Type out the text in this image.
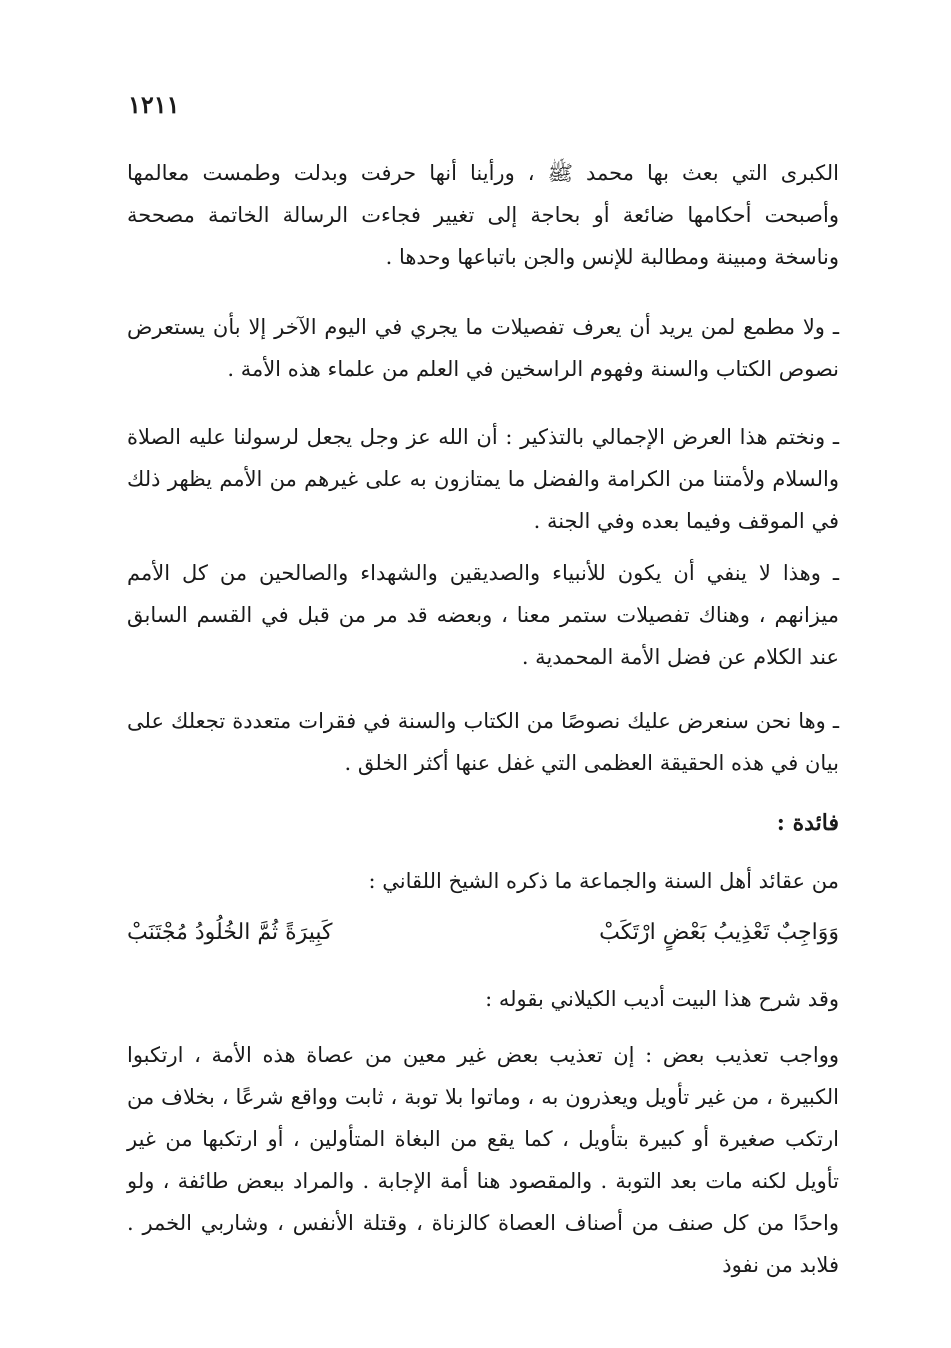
١٢١١

الكبرى التي بعث بها محمد ﷺ ، ورأينا أنها حرفت وبدلت وطمست معالمها وأصبحت أحكامها ضائعة أو بحاجة إلى تغيير فجاءت الرسالة الخاتمة مصححة وناسخة ومبينة ومطالبة للإنس والجن باتباعها وحدها .

ـ ولا مطمع لمن يريد أن يعرف تفصيلات ما يجري في اليوم الآخر إلا بأن يستعرض نصوص الكتاب والسنة وفهوم الراسخين في العلم من علماء هذه الأمة .

ـ ونختم هذا العرض الإجمالي بالتذكير : أن الله عز وجل يجعل لرسولنا عليه الصلاة والسلام ولأمتنا من الكرامة والفضل ما يمتازون به على غيرهم من الأمم يظهر ذلك في الموقف وفيما بعده وفي الجنة .

ـ وهذا لا ينفي أن يكون للأنبياء والصديقين والشهداء والصالحين من كل الأمم ميزانهم ، وهناك تفصيلات ستمر معنا ، وبعضه قد مر من قبل في القسم السابق عند الكلام عن فضل الأمة المحمدية .

ـ وها نحن سنعرض عليك نصوصًا من الكتاب والسنة في فقرات متعددة تجعلك على بيان في هذه الحقيقة العظمى التي غفل عنها أكثر الخلق .

فائدة :

من عقائد أهل السنة والجماعة ما ذكره الشيخ اللقاني :

وَوَاجِبٌ تَعْذِيبُ بَعْضٍ ارْتَكَبْ
كَبِيرَةً ثُمَّ الخُلُودُ مُجْتَنَبْ

وقد شرح هذا البيت أديب الكيلاني بقوله :

وواجب تعذيب بعض : إن تعذيب بعض غير معين من عصاة هذه الأمة ، ارتكبوا الكبيرة ، من غير تأويل ويعذرون به ، وماتوا بلا توبة ، ثابت وواقع شرعًا ، بخلاف من ارتكب صغيرة أو كبيرة بتأويل ، كما يقع من البغاة المتأولين ، أو ارتكبها من غير تأويل لكنه مات بعد التوبة . والمقصود هنا أمة الإجابة . والمراد ببعض طائفة ، ولو واحدًا من كل صنف من أصناف العصاة كالزناة ، وقتلة الأنفس ، وشاربي الخمر . فلابد من نفوذ
